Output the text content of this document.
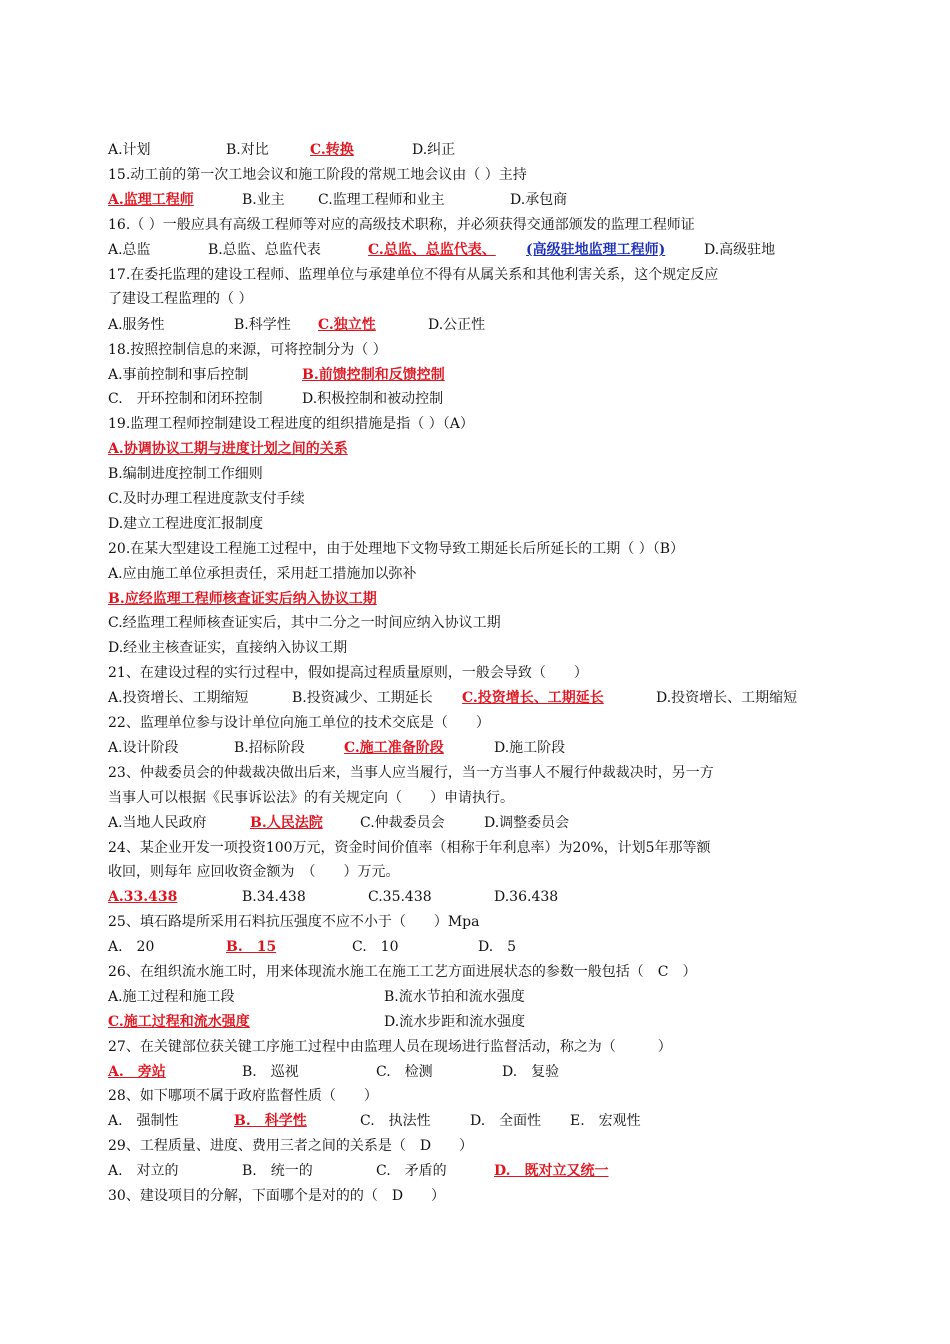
A.计划	B.对比	C.转换	D.纠正
15.动工前的第一次工地会议和施工阶段的常规工地会议由（ ）主持
A.监理工程师	B.业主 C.监理工程师和业主	D.承包商
16.（ ）一般应具有高级工程师等对应的高级技术职称，并必须获得交通部颁发的监理工程师证
A.总监	B.总监、总监代表	C.总监、总监代表、 (高级驻地监理工程师)	D.高级驻地
17.在委托监理的建设工程师、监理单位与承建单位不得有从属关系和其他利害关系，这个规定反应
了建设工程监理的（ ）
A.服务性	B.科学性 C.独立性	D.公正性
18.按照控制信息的来源，可将控制分为（ ）
A.事前控制和事后控制	B.前馈控制和反馈控制
C.　开环控制和闭环控制	D.积极控制和被动控制
19.监理工程师控制建设工程进度的组织措施是指（ ）（A）
A.协调协议工期与进度计划之间的关系
B.编制进度控制工作细则
C.及时办理工程进度款支付手续
D.建立工程进度汇报制度
20.在某大型建设工程施工过程中，由于处理地下文物导致工期延长后所延长的工期（ ）（B）
A.应由施工单位承担责任，采用赶工措施加以弥补
B.应经监理工程师核查证实后纳入协议工期
C.经监理工程师核查证实后，其中二分之一时间应纳入协议工期
D.经业主核查证实，直接纳入协议工期
21、在建设过程的实行过程中，假如提高过程质量原则，一般会导致（　　）
A.投资增长、工期缩短	B.投资减少、工期延长 C.投资增长、工期延长	D.投资增长、工期缩短
22、监理单位参与设计单位向施工单位的技术交底是（　　）
A.设计阶段	B.招标阶段	C.施工准备阶段	D.施工阶段
23、仲裁委员会的仲裁裁决做出后来，当事人应当履行，当一方当事人不履行仲裁裁决时，另一方
当事人可以根据《民事诉讼法》的有关规定向（　　）申请执行。
A.当地人民政府	B.人民法院	C.仲裁委员会	D.调整委员会
24、某企业开发一项投资100万元，资金时间价值率（相称于年利息率）为20%，计划5年那等额
收回，则每年 应回收资金额为　（　　）万元。
A.33.438	B.34.438	C.35.438	D.36.438
25、填石路堤所采用石料抗压强度不应不小于（　　）Mpa
A.　20	B.　15	C.　10	D.　5
26、在组织流水施工时，用来体现流水施工在施工工艺方面进展状态的参数一般包括（　C　）
A.施工过程和施工段	B.流水节拍和流水强度
C.施工过程和流水强度	D.流水步距和流水强度
27、在关键部位获关键工序施工过程中由监理人员在现场进行监督活动，称之为（　　　）
A.　旁站	B.　巡视	C.　检测	D.　复验
28、如下哪项不属于政府监督性质（　　）
A.　强制性	B.　科学性	C.　执法性	D.　全面性 E.　宏观性
29、工程质量、进度、费用三者之间的关系是（　D　　）
A.　对立的	B.　统一的	C.　矛盾的	D.　既对立又统一
30、建设项目的分解，下面哪个是对的的（　D　　）
